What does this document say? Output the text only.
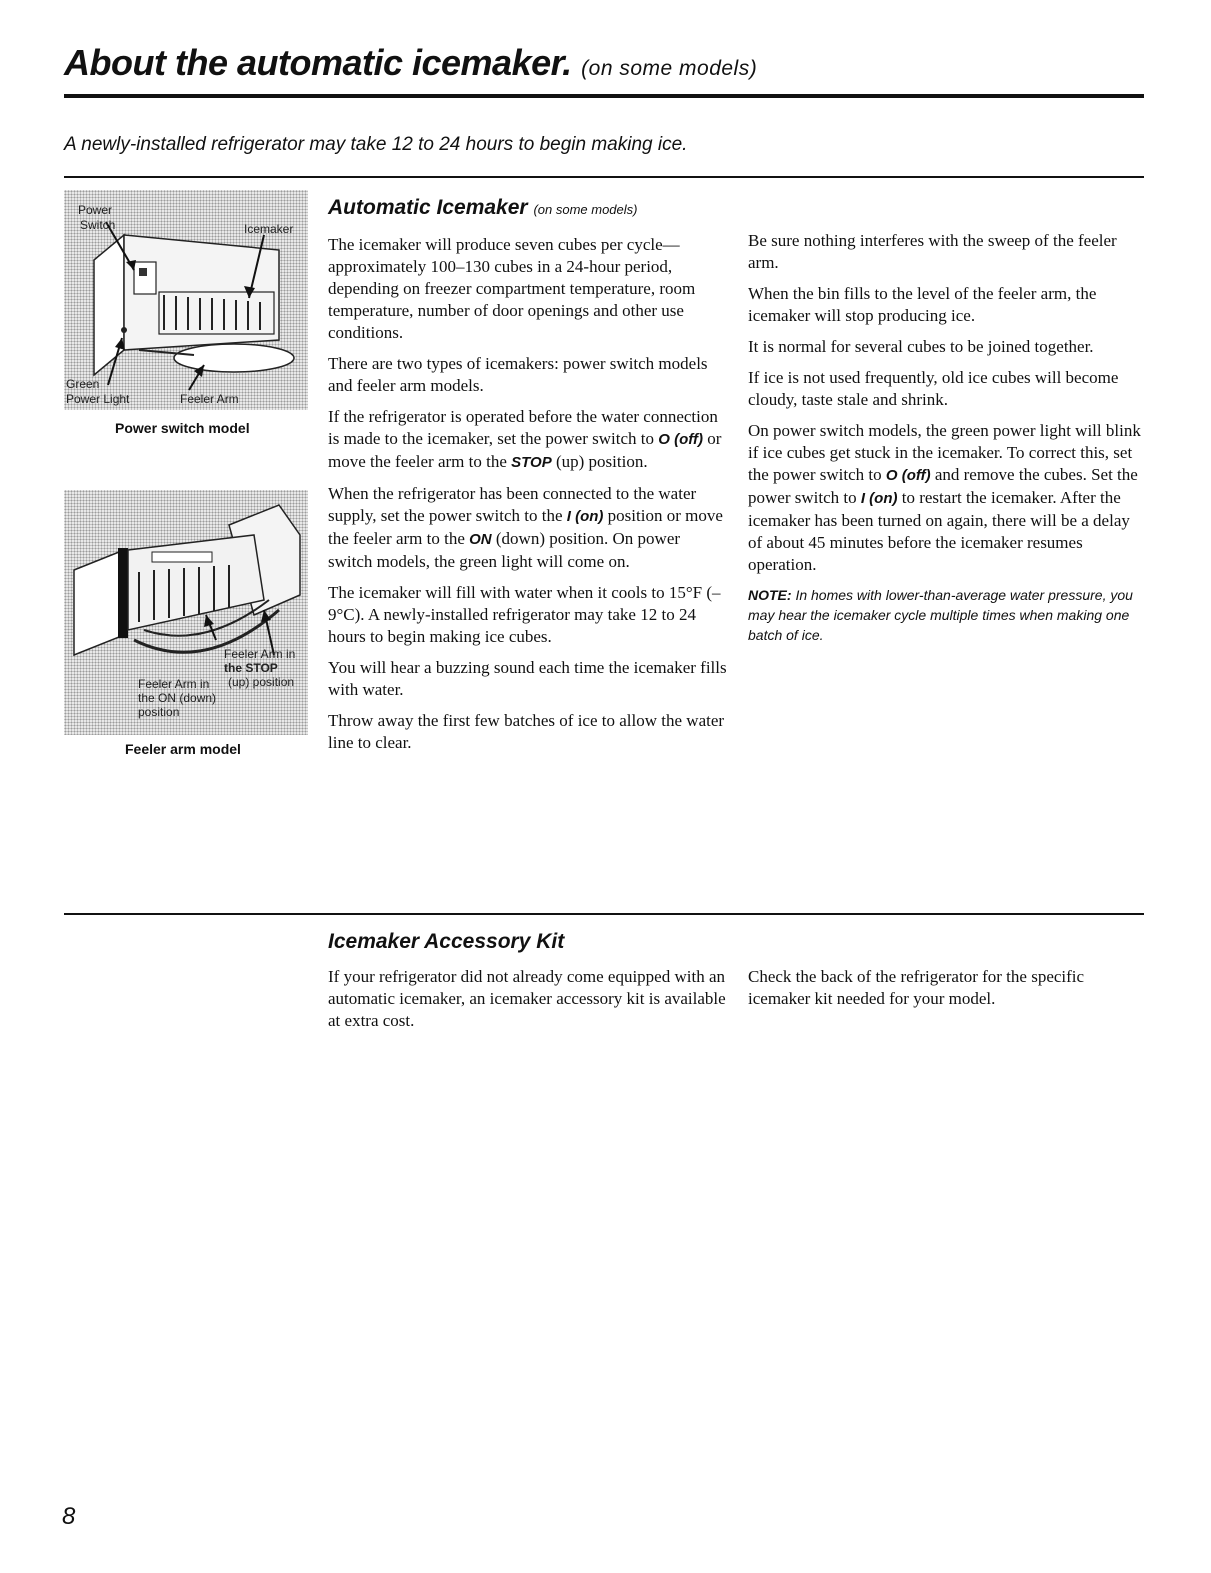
About the automatic icemaker. (on some models)
A newly-installed refrigerator may take 12 to 24 hours to begin making ice.
Power
Switch	Icemaker
Green
Power Light	Feeler Arm
Power switch model
Feeler Arm in
the STOP
(up) position
Feeler Arm in
the ON (down)
position
Feeler arm model
Automatic Icemaker (on some models)

The icemaker will produce seven cubes per cycle—approximately 100–130 cubes in a 24-hour period, depending on freezer compartment temperature, room temperature, number of door openings and other use conditions.

There are two types of icemakers: power switch models and feeler arm models.

If the refrigerator is operated before the water connection is made to the icemaker, set the power switch to O (off) or move the feeler arm to the STOP (up) position.

When the refrigerator has been connected to the water supply, set the power switch to the I (on) position or move the feeler arm to the ON (down) position. On power switch models, the green light will come on.

The icemaker will fill with water when it cools to 15°F (–9°C). A newly-installed refrigerator may take 12 to 24 hours to begin making ice cubes.

You will hear a buzzing sound each time the icemaker fills with water.

Throw away the first few batches of ice to allow the water line to clear.

Be sure nothing interferes with the sweep of the feeler arm.

When the bin fills to the level of the feeler arm, the icemaker will stop producing ice.

It is normal for several cubes to be joined together.

If ice is not used frequently, old ice cubes will become cloudy, taste stale and shrink.

On power switch models, the green power light will blink if ice cubes get stuck in the icemaker. To correct this, set the power switch to O (off) and remove the cubes. Set the power switch to I (on) to restart the icemaker. After the icemaker has been turned on again, there will be a delay of about 45 minutes before the icemaker resumes operation.

NOTE: In homes with lower-than-average water pressure, you may hear the icemaker cycle multiple times when making one batch of ice.

Icemaker Accessory Kit

If your refrigerator did not already come equipped with an automatic icemaker, an icemaker accessory kit is available at extra cost.

Check the back of the refrigerator for the specific icemaker kit needed for your model.

8
